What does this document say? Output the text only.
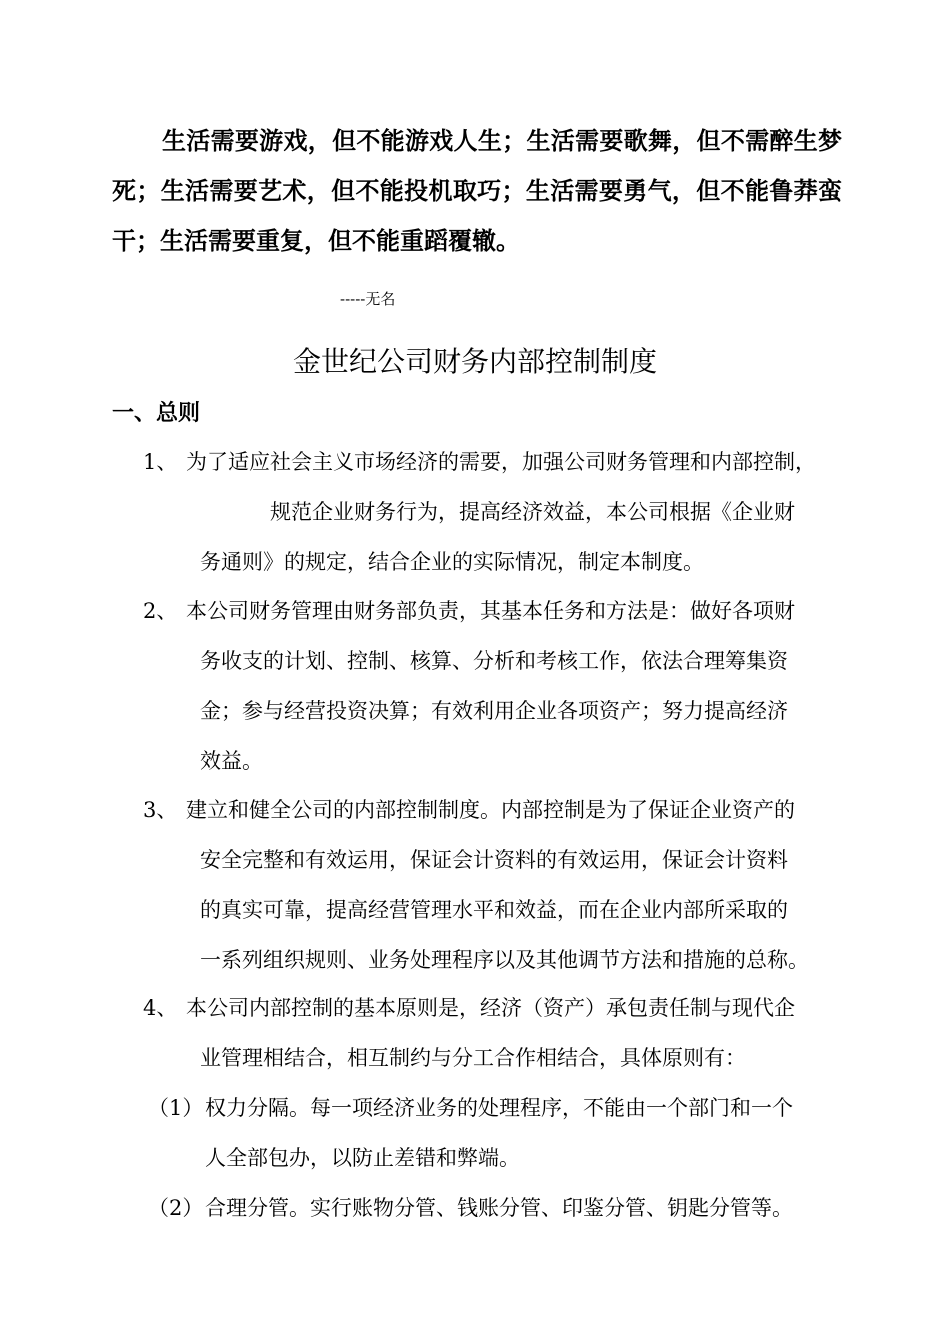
生活需要游戏，但不能游戏人生；生活需要歌舞，但不需醉生梦死；生活需要艺术，但不能投机取巧；生活需要勇气，但不能鲁莽蛮干；生活需要重复，但不能重蹈覆辙。

-----无名

金世纪公司财务内部控制制度
一、总则
1、 为了适应社会主义市场经济的需要，加强公司财务管理和内部控制，
规范企业财务行为，提高经济效益，本公司根据《企业财
务通则》的规定，结合企业的实际情况，制定本制度。
2、 本公司财务管理由财务部负责，其基本任务和方法是：做好各项财
务收支的计划、控制、核算、分析和考核工作，依法合理筹集资
金；参与经营投资决算；有效利用企业各项资产；努力提高经济
效益。
3、 建立和健全公司的内部控制制度。内部控制是为了保证企业资产的
安全完整和有效运用，保证会计资料的有效运用，保证会计资料
的真实可靠，提高经营管理水平和效益，而在企业内部所采取的
一系列组织规则、业务处理程序以及其他调节方法和措施的总称。
4、 本公司内部控制的基本原则是，经济（资产）承包责任制与现代企
业管理相结合，相互制约与分工合作相结合，具体原则有：
（1） 权力分隔。每一项经济业务的处理程序，不能由一个部门和一个
人全部包办，以防止差错和弊端。
（2） 合理分管。实行账物分管、钱账分管、印鉴分管、钥匙分管等。
